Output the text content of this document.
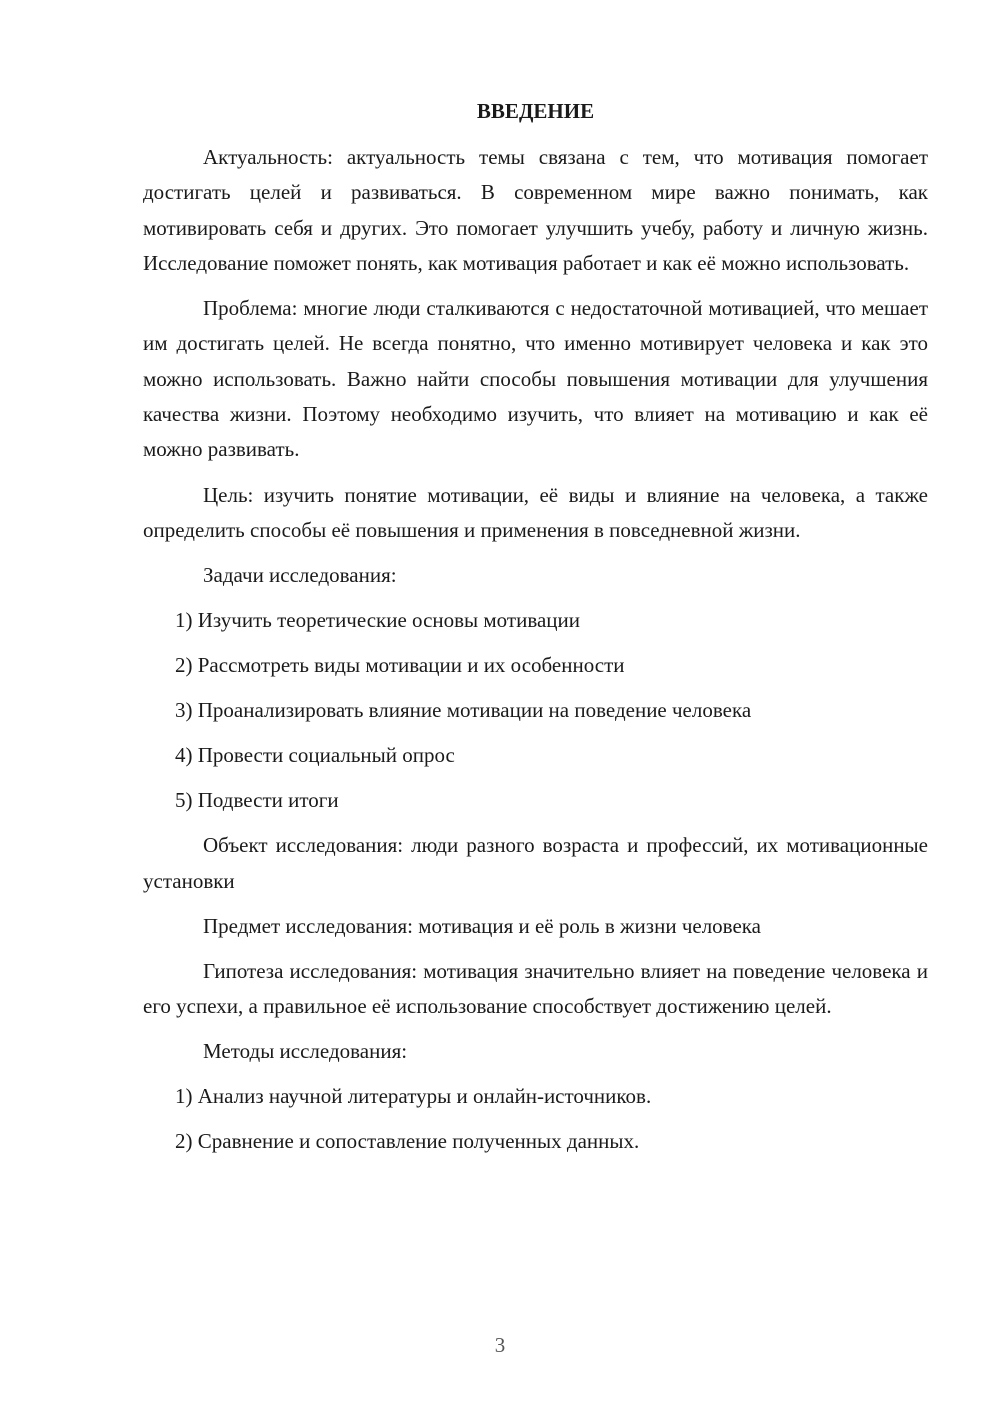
ВВЕДЕНИЕ

Актуальность: актуальность темы связана с тем, что мотивация помогает достигать целей и развиваться. В современном мире важно понимать, как мотивировать себя и других. Это помогает улучшить учебу, работу и личную жизнь. Исследование поможет понять, как мотивация работает и как её можно использовать.

Проблема: многие люди сталкиваются с недостаточной мотивацией, что мешает им достигать целей. Не всегда понятно, что именно мотивирует человека и как это можно использовать. Важно найти способы повышения мотивации для улучшения качества жизни. Поэтому необходимо изучить, что влияет на мотивацию и как её можно развивать.

Цель: изучить понятие мотивации, её виды и влияние на человека, а также определить способы её повышения и применения в повседневной жизни.

Задачи исследования:
1) Изучить теоретические основы мотивации
2) Рассмотреть виды мотивации и их особенности
3) Проанализировать влияние мотивации на поведение человека
4) Провести социальный опрос
5) Подвести итоги

Объект исследования: люди разного возраста и профессий, их мотивационные установки

Предмет исследования: мотивация и её роль в жизни человека

Гипотеза исследования: мотивация значительно влияет на поведение человека и его успехи, а правильное её использование способствует достижению целей.

Методы исследования:
1) Анализ научной литературы и онлайн-источников.
2) Сравнение и сопоставление полученных данных.
3
